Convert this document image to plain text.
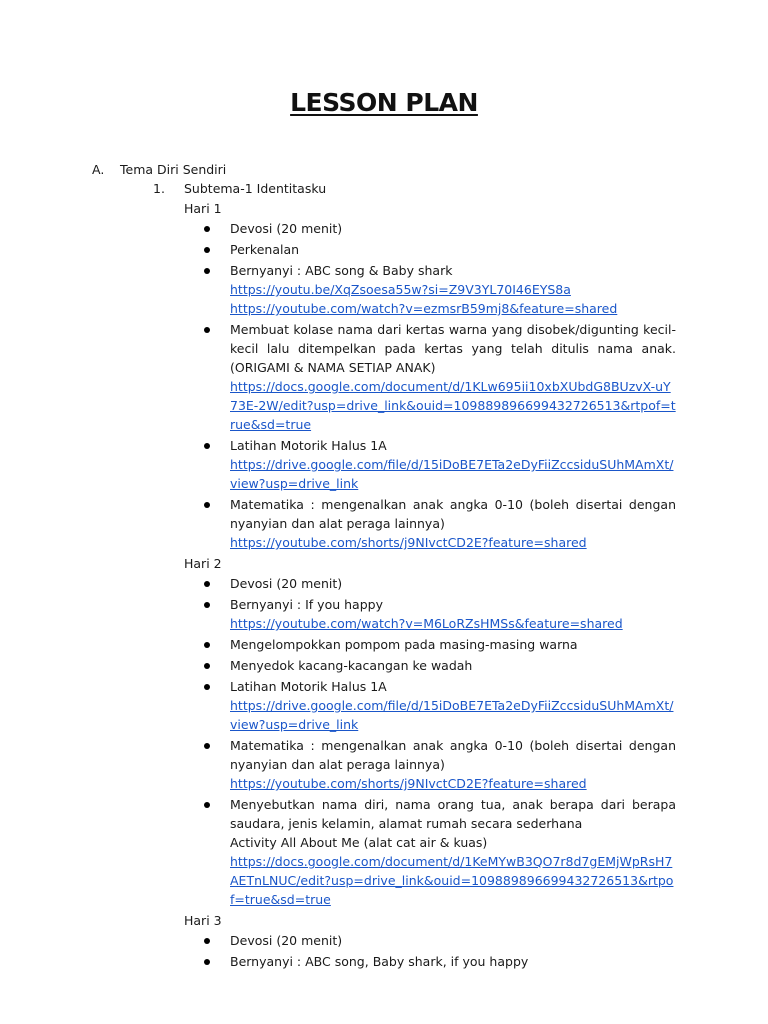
LESSON PLAN
A. Tema Diri Sendiri
1. Subtema-1 Identitasku
Hari 1
Devosi (20 menit)
Perkenalan
Bernyanyi : ABC song & Baby shark
https://youtu.be/XqZsoesa55w?si=Z9V3YL70I46EYS8a
https://youtube.com/watch?v=ezmsrB59mj8&feature=shared
Membuat kolase nama dari kertas warna yang disobek/digunting kecil-kecil lalu ditempelkan pada kertas yang telah ditulis nama anak. (ORIGAMI & NAMA SETIAP ANAK)
https://docs.google.com/document/d/1KLw695ii10xbXUbdG8BUzvX-uY73E-2W/edit?usp=drive_link&ouid=109889896699432726513&rtpof=true&sd=true
Latihan Motorik Halus 1A
https://drive.google.com/file/d/15iDoBE7ETa2eDyFiiZccsiduSUhMAmXt/view?usp=drive_link
Matematika : mengenalkan anak angka 0-10 (boleh disertai dengan nyanyian dan alat peraga lainnya)
https://youtube.com/shorts/j9NIvctCD2E?feature=shared
Hari 2
Devosi (20 menit)
Bernyanyi : If you happy
https://youtube.com/watch?v=M6LoRZsHMSs&feature=shared
Mengelompokkan pompom pada masing-masing warna
Menyedok kacang-kacangan ke wadah
Latihan Motorik Halus 1A
https://drive.google.com/file/d/15iDoBE7ETa2eDyFiiZccsiduSUhMAmXt/view?usp=drive_link
Matematika : mengenalkan anak angka 0-10 (boleh disertai dengan nyanyian dan alat peraga lainnya)
https://youtube.com/shorts/j9NIvctCD2E?feature=shared
Menyebutkan nama diri, nama orang tua, anak berapa dari berapa saudara, jenis kelamin, alamat rumah secara sederhana
Activity All About Me (alat cat air & kuas)
https://docs.google.com/document/d/1KeMYwB3QO7r8d7gEMjWpRsH7AETnLNUC/edit?usp=drive_link&ouid=109889896699432726513&rtpof=true&sd=true
Hari 3
Devosi (20 menit)
Bernyanyi : ABC song, Baby shark, if you happy
